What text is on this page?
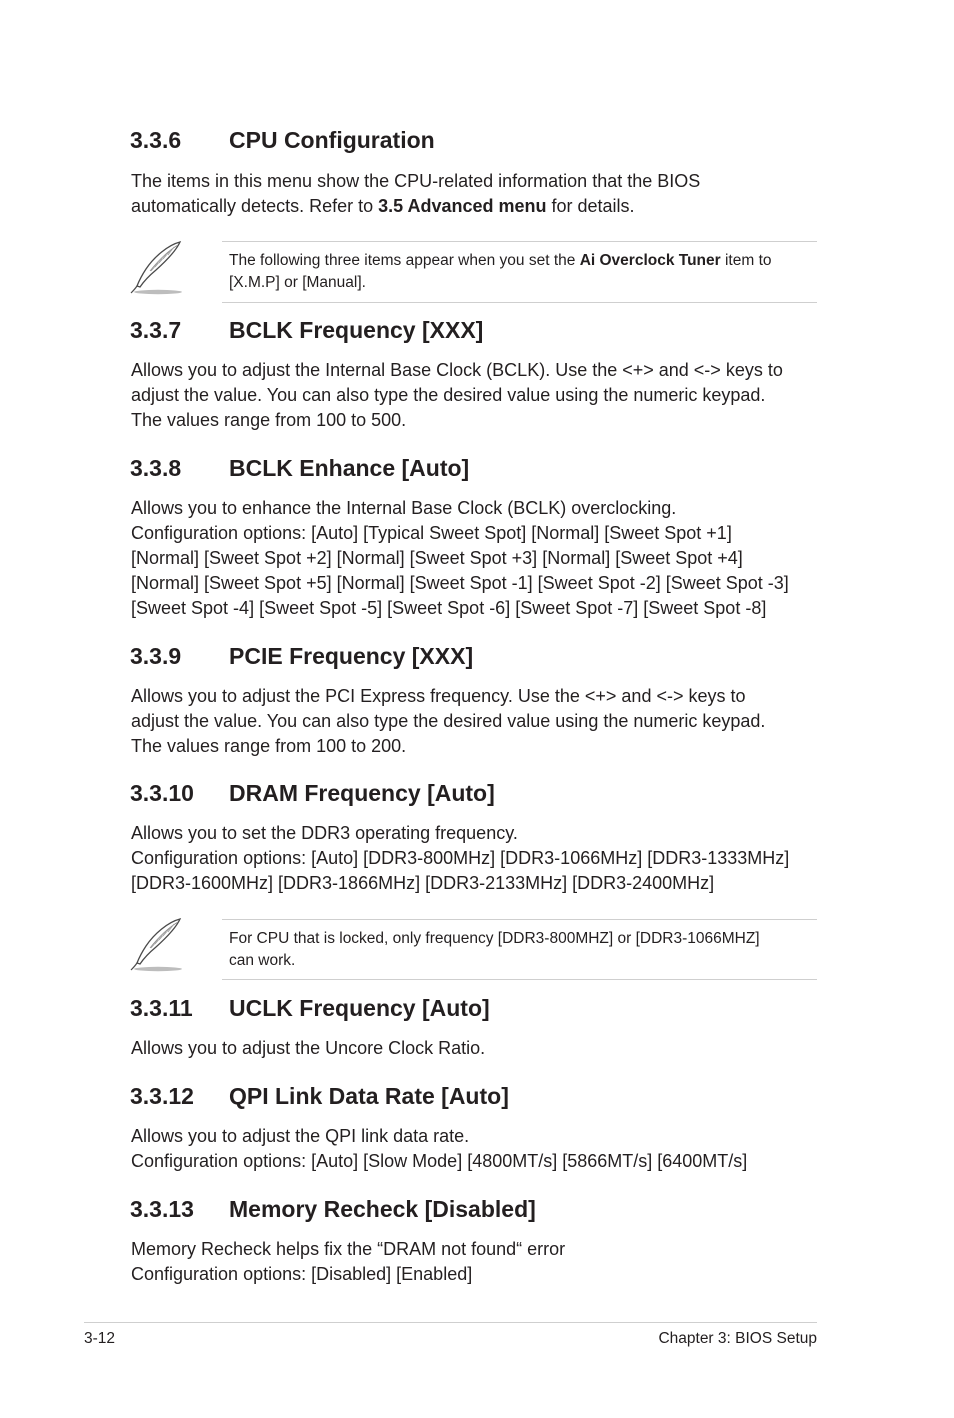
3.3.6 CPU Configuration
The items in this menu show the CPU-related information that the BIOS
automatically detects. Refer to 3.5 Advanced menu for details.
The following three items appear when you set the Ai Overclock Tuner item to
[X.M.P] or [Manual].
3.3.7 BCLK Frequency [XXX]
Allows you to adjust the Internal Base Clock (BCLK). Use the <+> and <-> keys to
adjust the value. You can also type the desired value using the numeric keypad.
The values range from 100 to 500.
3.3.8 BCLK Enhance [Auto]
Allows you to enhance the Internal Base Clock (BCLK) overclocking.
Configuration options: [Auto] [Typical Sweet Spot] [Normal] [Sweet Spot +1]
[Normal] [Sweet Spot +2] [Normal] [Sweet Spot +3] [Normal] [Sweet Spot +4]
[Normal] [Sweet Spot +5] [Normal] [Sweet Spot -1] [Sweet Spot -2] [Sweet Spot -3]
[Sweet Spot -4] [Sweet Spot -5] [Sweet Spot -6] [Sweet Spot -7] [Sweet Spot -8]
3.3.9 PCIE Frequency [XXX]
Allows you to adjust the PCI Express frequency. Use the <+> and <-> keys to
adjust the value. You can also type the desired value using the numeric keypad.
The values range from 100 to 200.
3.3.10 DRAM Frequency [Auto]
Allows you to set the DDR3 operating frequency.
Configuration options: [Auto] [DDR3-800MHz] [DDR3-1066MHz] [DDR3-1333MHz]
[DDR3-1600MHz] [DDR3-1866MHz] [DDR3-2133MHz] [DDR3-2400MHz]
For CPU that is locked, only frequency [DDR3-800MHZ] or [DDR3-1066MHZ]
can work.
3.3.11 UCLK Frequency [Auto]
Allows you to adjust the Uncore Clock Ratio.
3.3.12 QPI Link Data Rate [Auto]
Allows you to adjust the QPI link data rate.
Configuration options: [Auto] [Slow Mode] [4800MT/s] [5866MT/s] [6400MT/s]
3.3.13 Memory Recheck [Disabled]
Memory Recheck helps fix the “DRAM not found“ error
Configuration options: [Disabled] [Enabled]
3-12	Chapter 3: BIOS Setup
